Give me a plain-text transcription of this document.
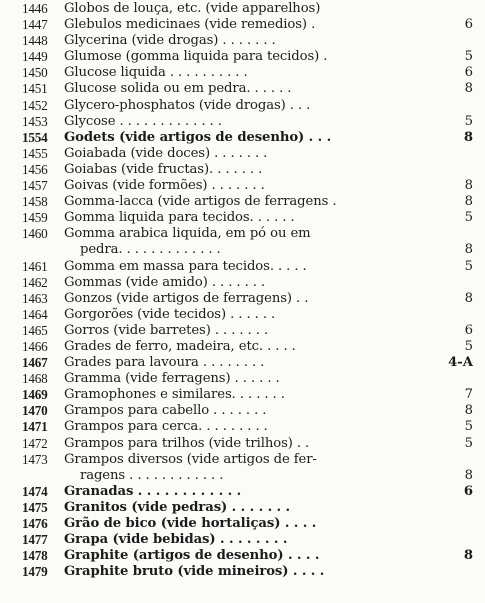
1446	Globos de louça, etc. (vide apparelhos)
1447	Glebulos medicinaes (vide remedios) .	6
1448	Glycerina (vide drogas) . . . . . . .
1449	Glumose (gomma liquida para tecidos) .	5
1450	Glucose liquida . . . . . . . . . .	6
1451	Glucose solida ou em pedra. . . . . .	8
1452	Glycero-phosphatos (vide drogas) . . .
1453	Glycose . . . . . . . . . . . . .	5
1554	Godets (vide artigos de desenho) . . .	8
1455	Goiabada (vide doces) . . . . . . .
1456	Goiabas (vide fructas). . . . . . .
1457	Goivas (vide formões) . . . . . . .	8
1458	Gomma-lacca (vide artigos de ferragens .	8
1459	Gomma liquida para tecidos. . . . . .	5
1460	Gomma arabica liquida, em pó ou em
pedra. . . . . . . . . . . . .	8
1461	Gomma em massa para tecidos. . . . .	5
1462	Gommas (vide amido) . . . . . . .
1463	Gonzos (vide artigos de ferragens) . .	8
1464	Gorgorões (vide tecidos) . . . . . .
1465	Gorros (vide barretes) . . . . . . .	6
1466	Grades de ferro, madeira, etc. . . . .	5
1467	Grades para lavoura . . . . . . . .	4-A
1468	Gramma (vide ferragens) . . . . . .
1469	Gramophones e similares. . . . . . .	7
1470	Grampos para cabello . . . . . . .	8
1471	Grampos para cerca. . . . . . . . .	5
1472	Grampos para trilhos (vide trilhos) . .	5
1473	Grampos diversos (vide artigos de fer-
ragens . . . . . . . . . . . .	8
1474	Granadas . . . . . . . . . . . .	6
1475	Granitos (vide pedras) . . . . . . .
1476	Grão de bico (vide hortaliças) . . . .
1477	Grapa (vide bebidas) . . . . . . . .
1478	Graphite (artigos de desenho) . . . .	8
1479	Graphite bruto (vide mineiros) . . . .
